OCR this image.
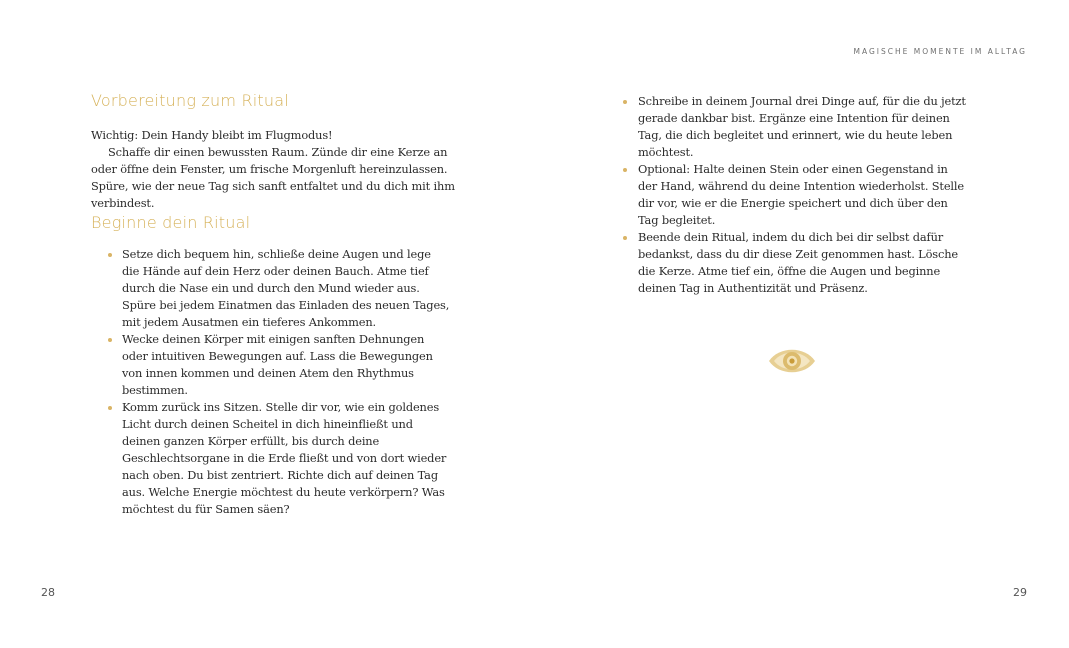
MAGISCHE MOMENTE IM ALLTAG
Vorbereitung zum Ritual

Wichtig: Dein Handy bleibt im Flugmodus!

Schaffe dir einen bewussten Raum. Zünde dir eine Kerze an oder öffne dein Fenster, um frische Morgenluft hereinzulassen. Spüre, wie der neue Tag sich sanft entfaltet und du dich mit ihm verbindest.

Beginne dein Ritual
Setze dich bequem hin, schließe deine Augen und lege die Hände auf dein Herz oder deinen Bauch. Atme tief durch die Nase ein und durch den Mund wieder aus. Spüre bei jedem Einatmen das Einladen des neuen Tages, mit jedem Ausatmen ein tieferes Ankommen.
Wecke deinen Körper mit einigen sanften Dehnungen oder intuitiven Bewegungen auf. Lass die Bewegungen von innen kommen und deinen Atem den Rhythmus bestimmen.
Komm zurück ins Sitzen. Stelle dir vor, wie ein goldenes Licht durch deinen Scheitel in dich hineinfließt und deinen ganzen Körper erfüllt, bis durch deine Geschlechtsorgane in die Erde fließt und von dort wieder nach oben. Du bist zentriert. Richte dich auf deinen Tag aus. Welche Energie möchtest du heute verkörpern? Was möchtest du für Samen säen?
Schreibe in deinem Journal drei Dinge auf, für die du jetzt gerade dankbar bist. Ergänze eine Intention für deinen Tag, die dich begleitet und erinnert, wie du heute leben möchtest.
Optional: Halte deinen Stein oder einen Gegenstand in der Hand, während du deine Intention wiederholst. Stelle dir vor, wie er die Energie speichert und dich über den Tag begleitet.
Beende dein Ritual, indem du dich bei dir selbst dafür bedankst, dass du dir diese Zeit genommen hast. Lösche die Kerze. Atme tief ein, öffne die Augen und beginne deinen Tag in Authentizität und Präsenz.
28	29
